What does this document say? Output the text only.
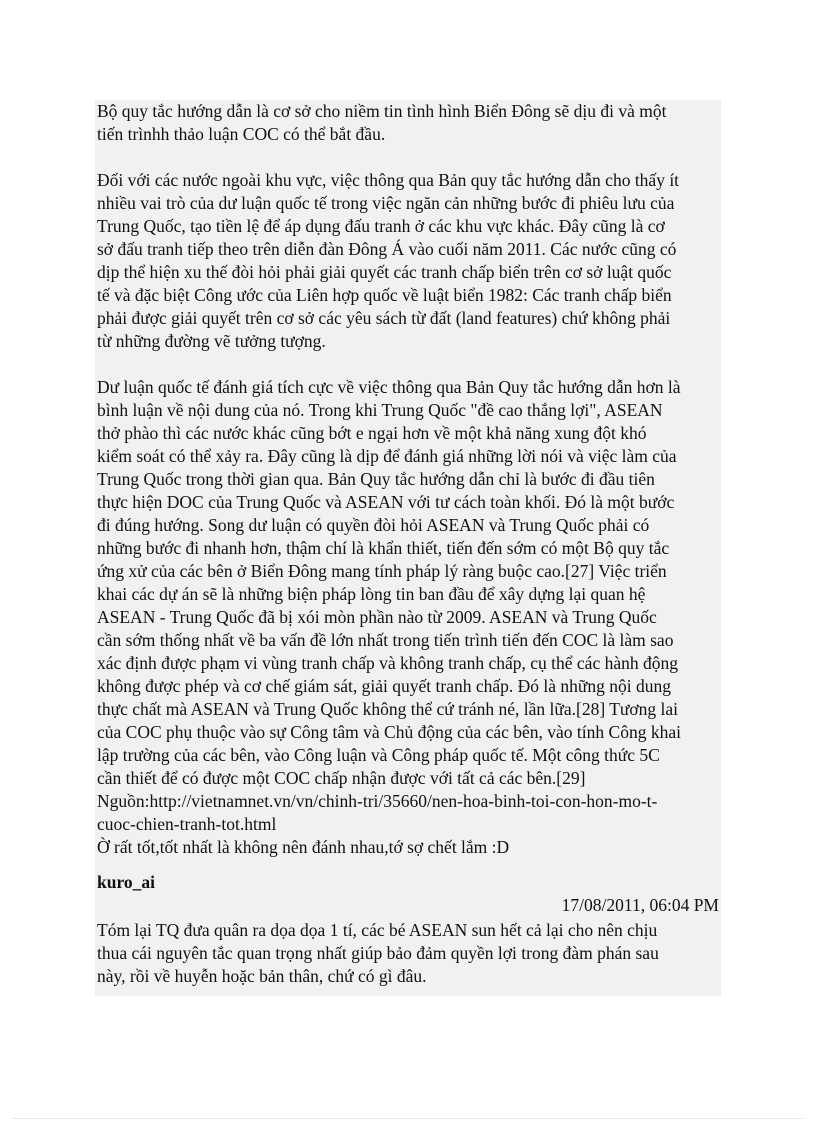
Bộ quy tắc hướng dẫn là cơ sở cho niềm tin tình hình Biển Đông sẽ dịu đi và một
tiến trìnhh thảo luận COC có thể bắt đầu.
Đối với các nước ngoài khu vực, việc thông qua Bản quy tắc hướng dẫn cho thấy ít
nhiều vai trò của dư luận quốc tế trong việc ngăn cản những bước đi phiêu lưu của
Trung Quốc, tạo tiền lệ để áp dụng đấu tranh ở các khu vực khác. Đây cũng là cơ
sở đấu tranh tiếp theo trên diễn đàn Đông Á vào cuối năm 2011. Các nước cũng có
dịp thể hiện xu thế đòi hỏi phải giải quyết các tranh chấp biển trên cơ sở luật quốc
tế và đặc biệt Công ước của Liên hợp quốc về luật biển 1982: Các tranh chấp biển
phải được giải quyết trên cơ sở các yêu sách từ đất (land features) chứ không phải
từ những đường vẽ tưởng tượng.
Dư luận quốc tế đánh giá tích cực về việc thông qua Bản Quy tắc hướng dẫn hơn là
bình luận về nội dung của nó. Trong khi Trung Quốc "đề cao thắng lợi", ASEAN
thở phào thì các nước khác cũng bớt e ngại hơn về một khả năng xung đột khó
kiểm soát có thể xảy ra. Đây cũng là dịp để đánh giá những lời nói và việc làm của
Trung Quốc trong thời gian qua. Bản Quy tắc hướng dẫn chỉ là bước đi đầu tiên
thực hiện DOC của Trung Quốc và ASEAN với tư cách toàn khối. Đó là một bước
đi đúng hướng. Song dư luận có quyền đòi hỏi ASEAN và Trung Quốc phải có
những bước đi nhanh hơn, thậm chí là khẩn thiết, tiến đến sớm có một Bộ quy tắc
ứng xử của các bên ở Biển Đông mang tính pháp lý ràng buộc cao.[27] Việc triển
khai các dự án sẽ là những biện pháp lòng tin ban đầu để xây dựng lại quan hệ
ASEAN - Trung Quốc đã bị xói mòn phần nào từ 2009. ASEAN và Trung Quốc
cần sớm thống nhất về ba vấn đề lớn nhất trong tiến trình tiến đến COC là làm sao
xác định được phạm vi vùng tranh chấp và không tranh chấp, cụ thể các hành động
không được phép và cơ chế giám sát, giải quyết tranh chấp. Đó là những nội dung
thực chất mà ASEAN và Trung Quốc không thể cứ tránh né, lần lữa.[28] Tương lai
của COC phụ thuộc vào sự Công tâm và Chủ động của các bên, vào tính Công khai
lập trường của các bên, vào Công luận và Công pháp quốc tế. Một công thức 5C
cần thiết để có được một COC chấp nhận được với tất cả các bên.[29]
Nguồn:http://vietnamnet.vn/vn/chinh-tri/35660/nen-hoa-binh-toi-con-hon-mo-t-
cuoc-chien-tranh-tot.html
Ờ rất tốt,tốt nhất là không nên đánh nhau,tớ sợ chết lắm :D
kuro_ai
17/08/2011, 06:04 PM
Tóm lại TQ đưa quân ra dọa dọa 1 tí, các bé ASEAN sun hết cả lại cho nên chịu
thua cái nguyên tắc quan trọng nhất giúp bảo đảm quyền lợi trong đàm phán sau
này, rồi về huyễn hoặc bản thân, chứ có gì đâu.
